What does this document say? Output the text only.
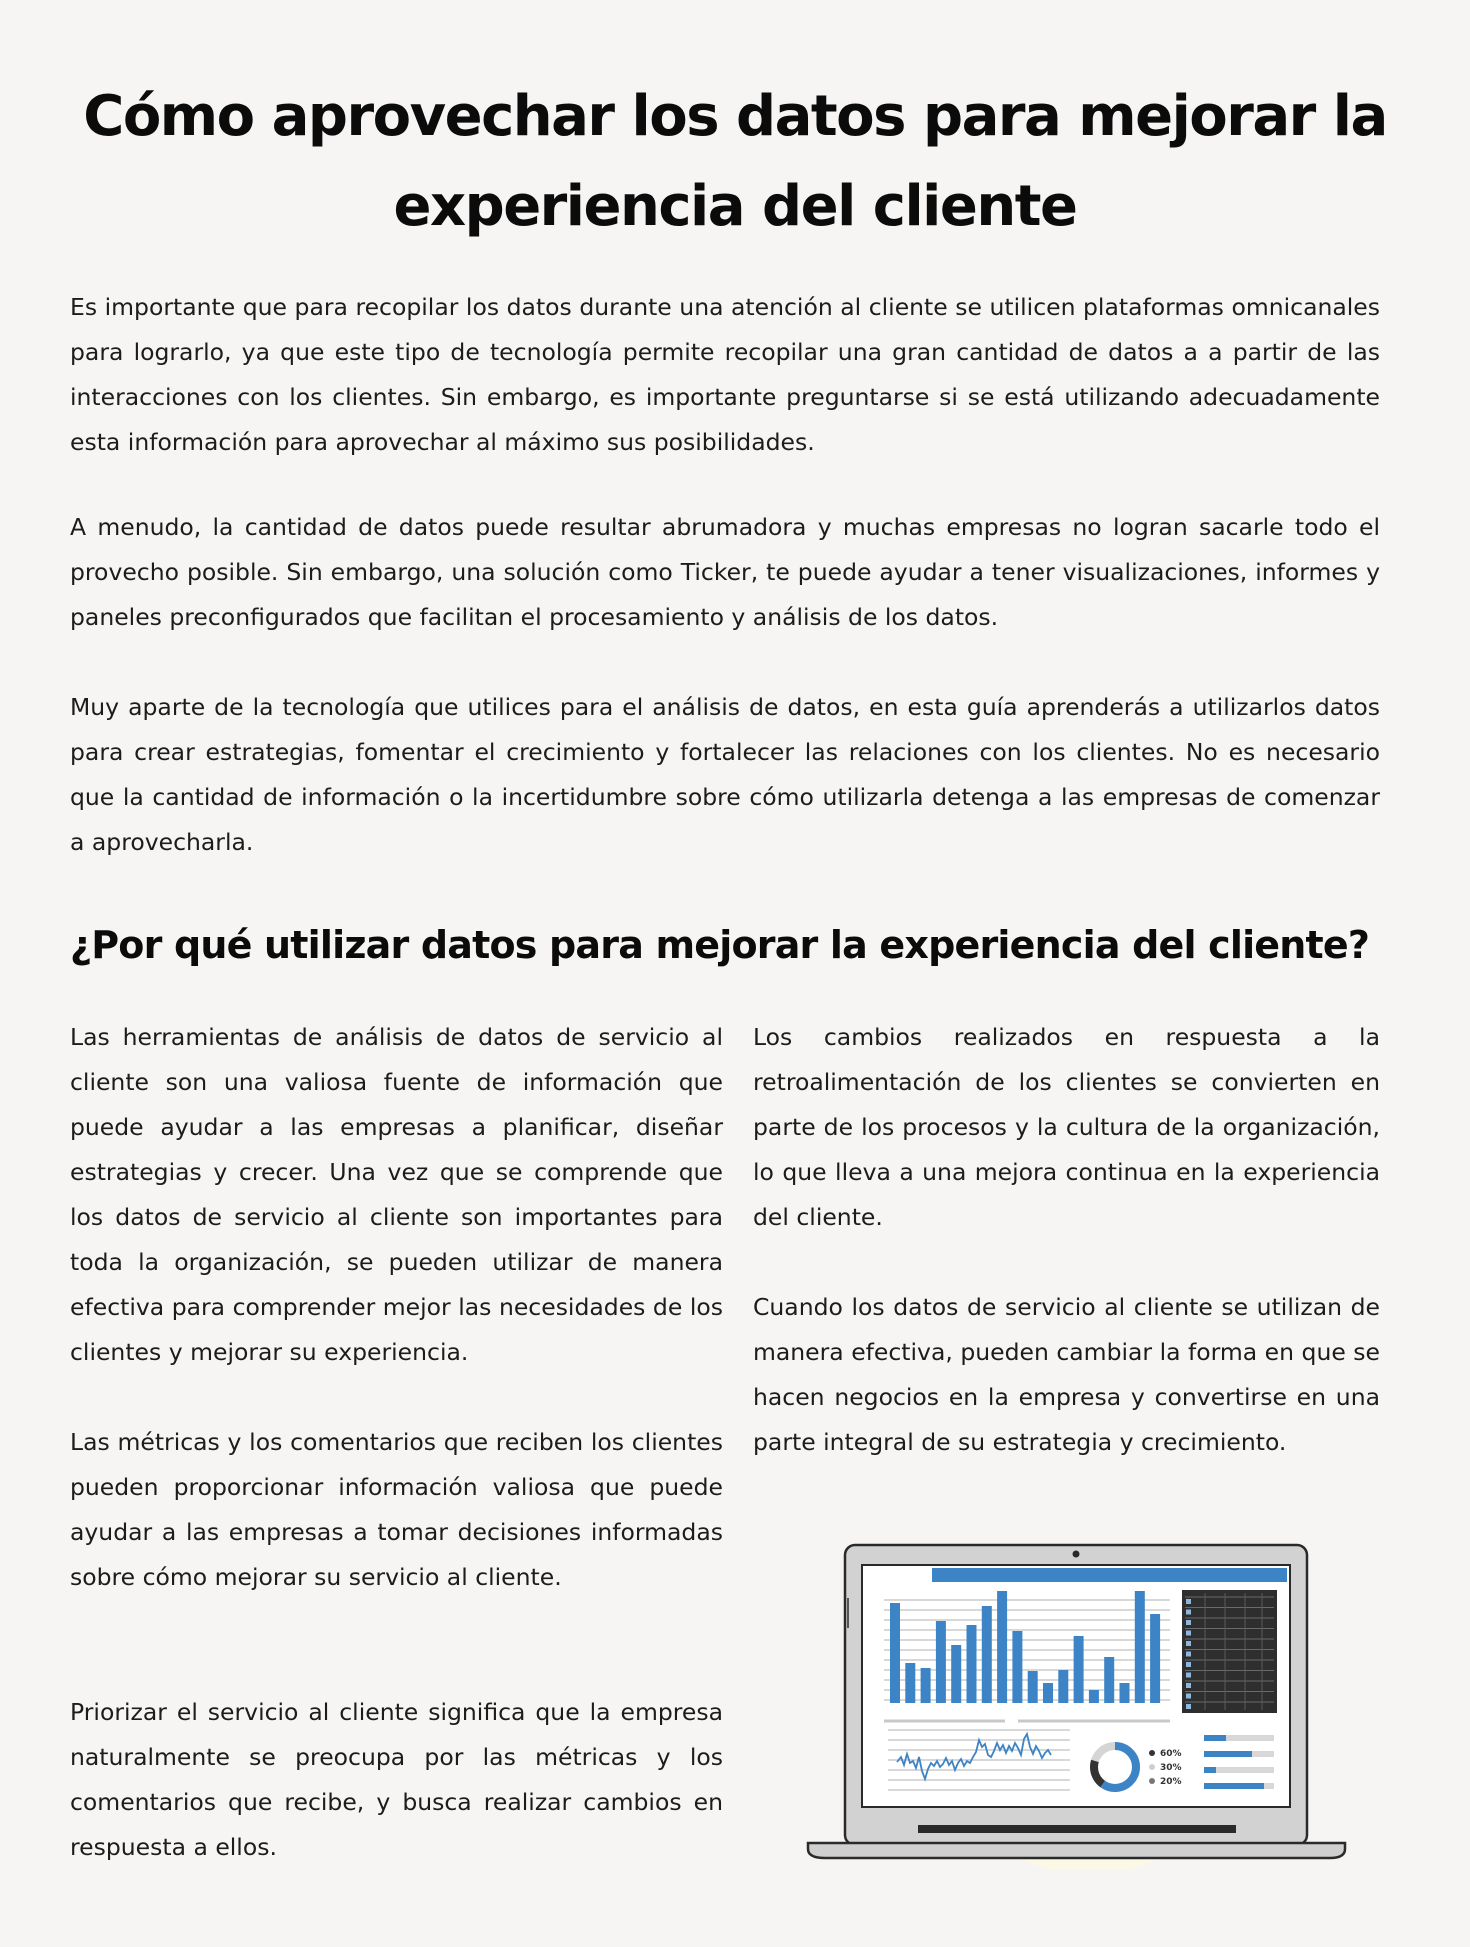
Cómo aprovechar los datos para mejorar la experiencia del cliente

Es importante que para recopilar los datos durante una atención al cliente se utilicen plataformas omnicanales para lograrlo, ya que este tipo de tecnología permite recopilar una gran cantidad de datos a a partir de las interacciones con los clientes. Sin embargo, es importante preguntarse si se está utilizando adecuadamente esta información para aprovechar al máximo sus posibilidades.

A menudo, la cantidad de datos puede resultar abrumadora y muchas empresas no logran sacarle todo el provecho posible. Sin embargo, una solución como Ticker, te puede ayudar a tener visualizaciones, informes y paneles preconfigurados que facilitan el procesamiento y análisis de los datos.

Muy aparte de la tecnología que utilices para el análisis de datos, en esta guía aprenderás a utilizarlos datos para crear estrategias, fomentar el crecimiento y fortalecer las relaciones con los clientes. No es necesario que la cantidad de información o la incertidumbre sobre cómo utilizarla detenga a las empresas de comenzar a aprovecharla.

¿Por qué utilizar datos para mejorar la experiencia del cliente?

Las herramientas de análisis de datos de servicio al cliente son una valiosa fuente de información que puede ayudar a las empresas a planificar, diseñar estrategias y crecer. Una vez que se comprende que los datos de servicio al cliente son importantes para toda la organización, se pueden utilizar de manera efectiva para comprender mejor las necesidades de los clientes y mejorar su experiencia.

Las métricas y los comentarios que reciben los clientes pueden proporcionar información valiosa que puede ayudar a las empresas a tomar decisiones informadas sobre cómo mejorar su servicio al cliente.

Priorizar el servicio al cliente significa que la empresa naturalmente se preocupa por las métricas y los comentarios que recibe, y busca realizar cambios en respuesta a ellos.

Los cambios realizados en respuesta a la retroalimentación de los clientes se convierten en parte de los procesos y la cultura de la organización, lo que lleva a una mejora continua en la experiencia del cliente.

Cuando los datos de servicio al cliente se utilizan de manera efectiva, pueden cambiar la forma en que se hacen negocios en la empresa y convertirse en una parte integral de su estrategia y crecimiento.

60%
30%
20%
